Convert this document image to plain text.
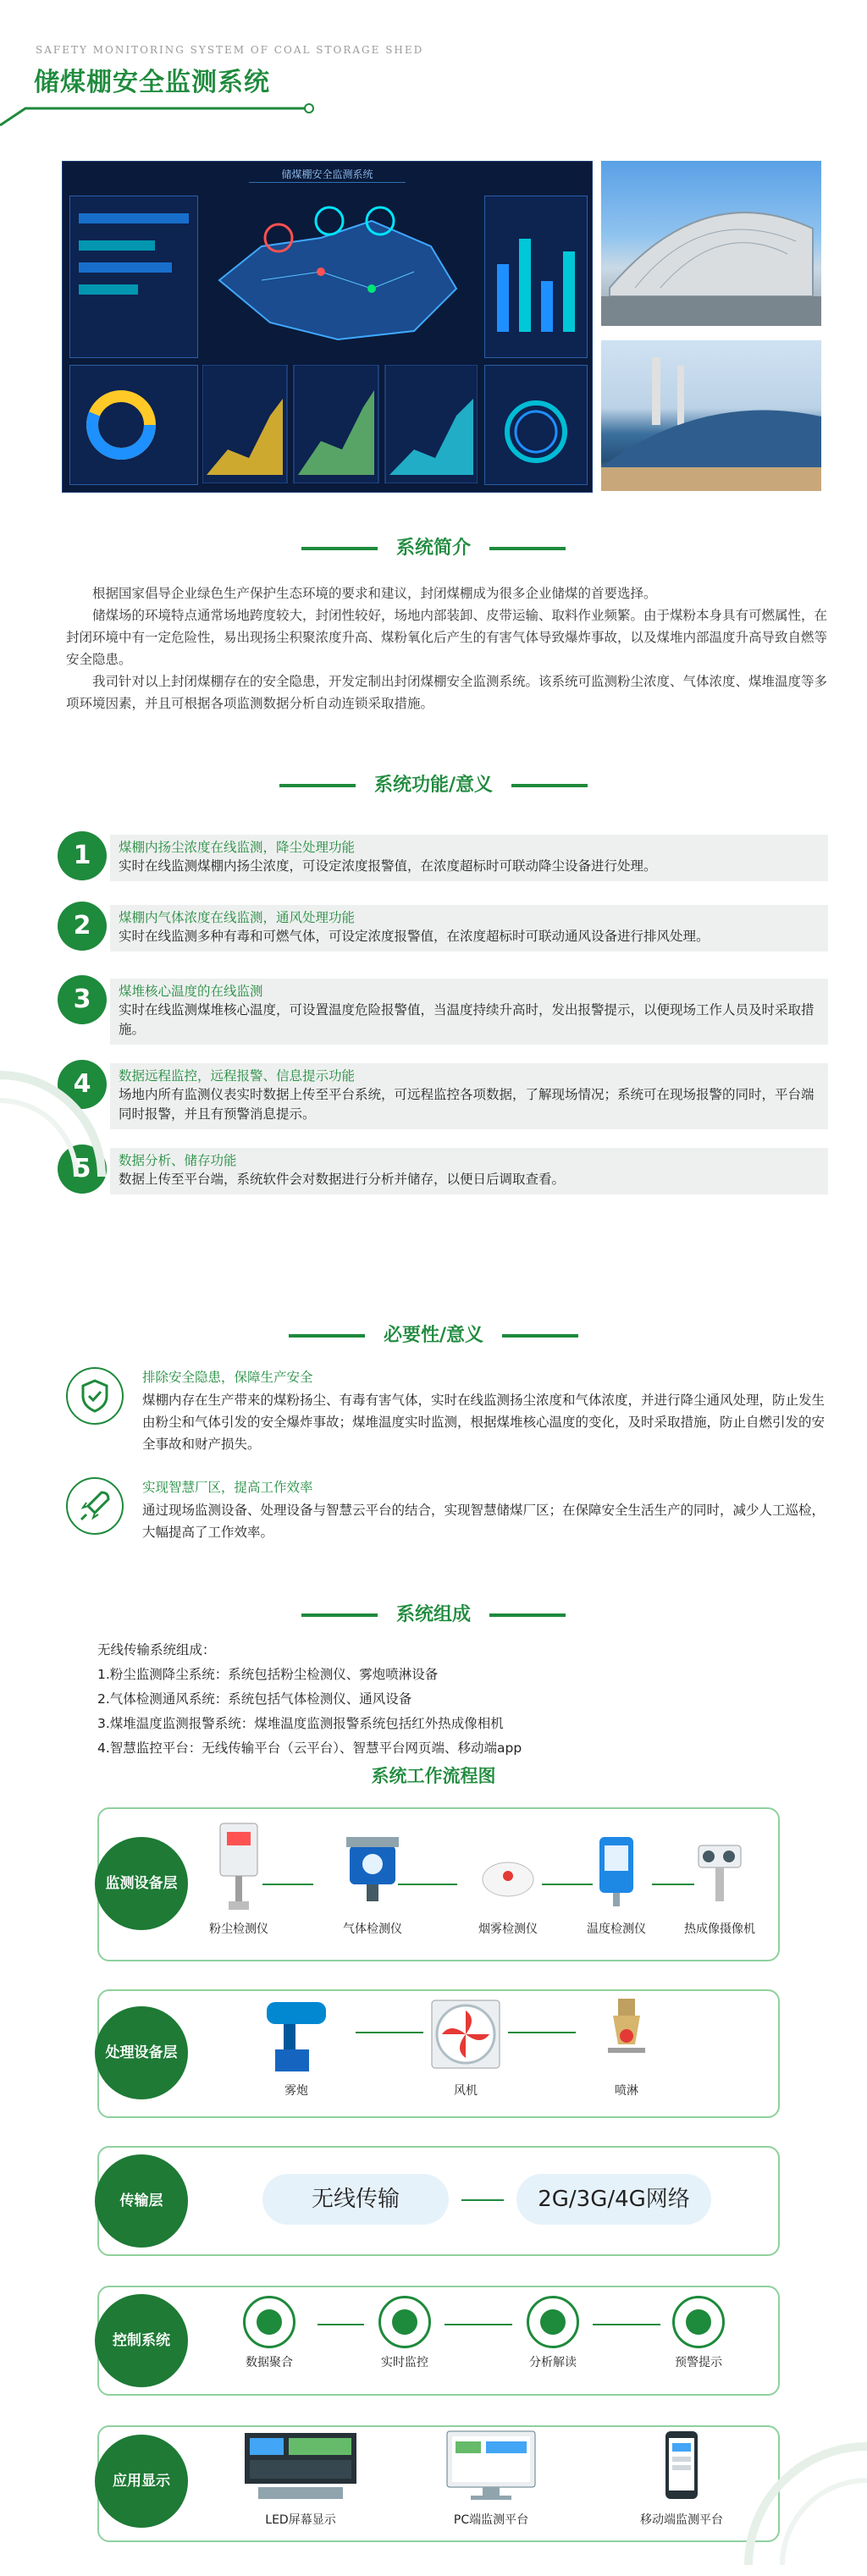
SAFETY MONITORING SYSTEM OF COAL STORAGE SHED
储煤棚安全监测系统
储煤棚安全监测系统
系统简介

根据国家倡导企业绿色生产保护生态环境的要求和建议，封闭煤棚成为很多企业储煤的首要选择。

储煤场的环境特点通常场地跨度较大，封闭性较好，场地内部装卸、皮带运输、取料作业频繁。由于煤粉本身具有可燃属性，在封闭环境中有一定危险性，易出现扬尘积聚浓度升高、煤粉氧化后产生的有害气体导致爆炸事故，以及煤堆内部温度升高导致自燃等安全隐患。

我司针对以上封闭煤棚存在的安全隐患，开发定制出封闭煤棚安全监测系统。该系统可监测粉尘浓度、气体浓度、煤堆温度等多项环境因素，并且可根据各项监测数据分析自动连锁采取措施。

系统功能/意义
1	煤棚内扬尘浓度在线监测，降尘处理功能
实时在线监测煤棚内扬尘浓度，可设定浓度报警值，在浓度超标时可联动降尘设备进行处理。
2	煤棚内气体浓度在线监测，通风处理功能
实时在线监测多种有毒和可燃气体，可设定浓度报警值，在浓度超标时可联动通风设备进行排风处理。
3	煤堆核心温度的在线监测
实时在线监测煤堆核心温度，可设置温度危险报警值，当温度持续升高时，发出报警提示，以便现场工作人员及时采取措施。
4	数据远程监控，远程报警、信息提示功能
场地内所有监测仪表实时数据上传至平台系统，可远程监控各项数据，了解现场情况；系统可在现场报警的同时，平台端同时报警，并且有预警消息提示。
5	数据分析、储存功能
数据上传至平台端，系统软件会对数据进行分析并储存，以便日后调取查看。
必要性/意义
排除安全隐患，保障生产安全
煤棚内存在生产带来的煤粉扬尘、有毒有害气体，实时在线监测扬尘浓度和气体浓度，并进行降尘通风处理，防止发生由粉尘和气体引发的安全爆炸事故；煤堆温度实时监测，根据煤堆核心温度的变化，及时采取措施，防止自燃引发的安全事故和财产损失。
实现智慧厂区，提高工作效率
通过现场监测设备、处理设备与智慧云平台的结合，实现智慧储煤厂区；在保障安全生活生产的同时，减少人工巡检，大幅提高了工作效率。
系统组成
无线传输系统组成：
1.粉尘监测降尘系统：系统包括粉尘检测仪、雾炮喷淋设备
2.气体检测通风系统：系统包括气体检测仪、通风设备
3.煤堆温度监测报警系统：煤堆温度监测报警系统包括红外热成像相机
4.智慧监控平台：无线传输平台（云平台）、智慧平台网页端、移动端app
系统工作流程图
监测设备层
粉尘检测仪	气体检测仪	烟雾检测仪	温度检测仪	热成像摄像机
处理设备层
雾炮	风机	喷淋
传输层	无线传输	2G/3G/4G网络
控制系统
数据聚合	实时监控	分析解读	预警提示
应用显示
LED屏幕显示	PC端监测平台	移动端监测平台
